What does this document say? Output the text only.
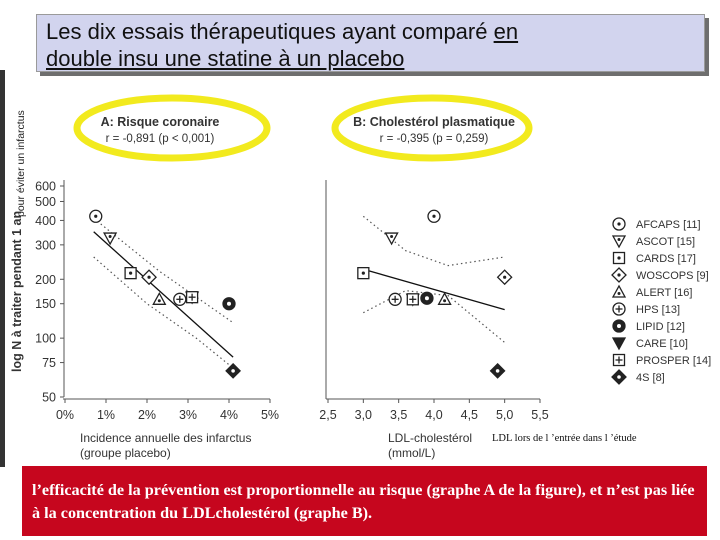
Les dix essais thérapeutiques ayant comparé en
double insu une statine à un placebo
pour éviter un infarctus
50
75
100
150
200
300
400
500
600
log N à traiter pendant 1 an
0% 1% 2% 3% 4% 5%
Incidence annuelle des infarctus
(groupe placebo)
A: Risque coronaire
r = -0,891 (p < 0,001)
2,5 3,0 3,5 4,0 4,5 5,0 5,5
LDL-cholestérol
(mmol/L)
B: Cholestérol plasmatique
r = -0,395 (p = 0,259)
AFCAPS [11]
ASCOT [15]
CARDS [17]
WOSCOPS [9]
ALERT [16]
HPS [13]
LIPID [12]
CARE [10]
PROSPER [14]
4S [8]
LDL lors de l ’entrée dans l ’étude
l’efficacité de la prévention est proportionnelle au risque (graphe A de la figure), et n’est pas liée à la concentration du LDLcholestérol (graphe B).
